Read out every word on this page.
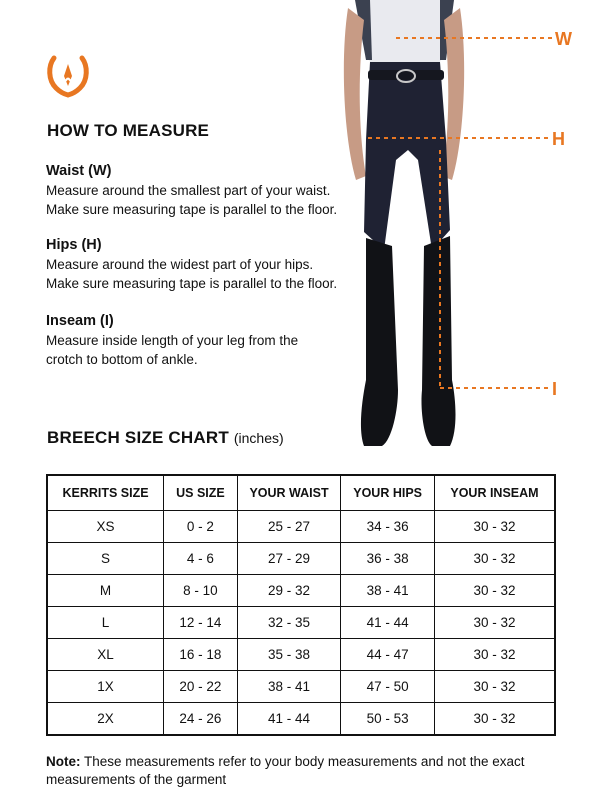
HOW TO MEASURE

Waist (W)

Measure around the smallest part of your waist.

Make sure measuring tape is parallel to the floor.

Hips (H)

Measure around the widest part of your hips.

Make sure measuring tape is parallel to the floor.

Inseam (I)

Measure inside length of your leg from the

crotch to bottom of ankle.

W
H
I
BREECH SIZE CHART (inches)
KERRITS SIZE	US SIZE	YOUR WAIST	YOUR HIPS	YOUR INSEAM
XS	0 - 2	25 - 27	34 - 36	30 - 32
S	4 - 6	27 - 29	36 - 38	30 - 32
M	8 - 10	29 - 32	38 - 41	30 - 32
L	12 - 14	32 - 35	41 - 44	30 - 32
XL	16 - 18	35 - 38	44 - 47	30 - 32
1X	20 - 22	38 - 41	47 - 50	30 - 32
2X	24 - 26	41 - 44	50 - 53	30 - 32
Note: These measurements refer to your body measurements and not the exact measurements of the garment
